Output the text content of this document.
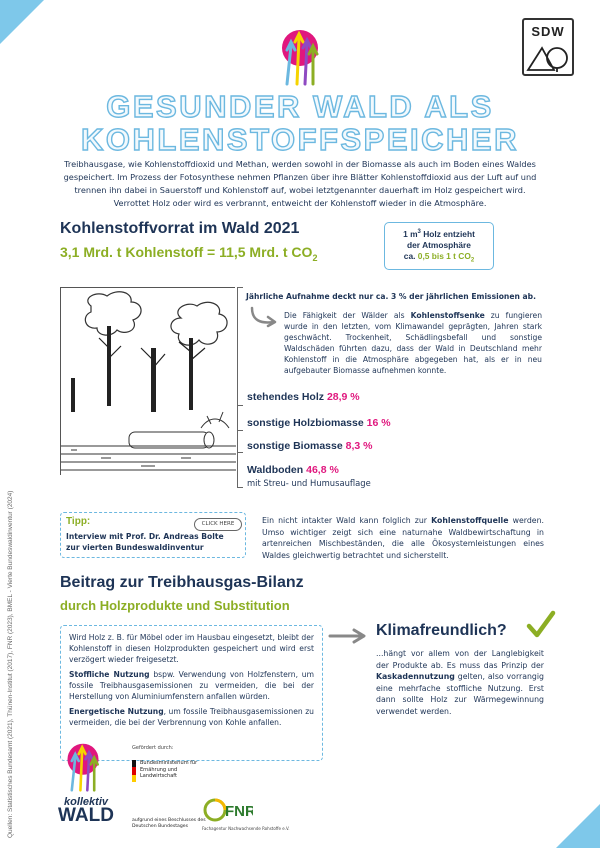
Quellen: Statistisches Bundesamt (2021), Thünen-Institut (2017), FNR (2023), BMEL - Vierte Bundeswaldinventur (2024)
SDW
GESUNDER WALD ALS
KOHLENSTOFFSPEICHER
Treibhausgase, wie Kohlenstoffdioxid und Methan, werden sowohl in der Biomasse als auch im Boden eines Waldes gespeichert. Im Prozess der Fotosynthese nehmen Pflanzen über ihre Blätter Kohlenstoffdioxid aus der Luft auf und trennen ihn dabei in Sauerstoff und Kohlenstoff auf, wobei letztgenannter dauerhaft im Holz gespeichert wird. Verrottet Holz oder wird es verbrannt, entweicht der Kohlenstoff wieder in die Atmosphäre.
Kohlenstoffvorrat im Wald 2021
3,1 Mrd. t Kohlenstoff = 11,5 Mrd. t $CO_2$
1 $m^3$ Holz entzieht
der Atmosphäre
ca. 0,5 bis 1 t $CO_2$
Jährliche Aufnahme deckt nur ca. 3 % der jährlichen Emissionen ab.
Die Fähigkeit der Wälder als Kohlenstoffsenke zu fungieren wurde in den letzten, vom Klimawandel geprägten, Jahren stark geschwächt. Trockenheit, Schädlingsbefall und sonstige Waldschäden führten dazu, dass der Wald in Deutschland mehr Kohlenstoff in die Atmosphäre abgegeben hat, als er in neu aufgebauter Biomasse aufnehmen konnte.
stehendes Holz 28,9 %
sonstige Holzbiomasse 16 %
sonstige Biomasse 8,3 %
Waldboden 46,8 %
mit Streu- und Humusauflage
Tipp:	CLICK HERE
Interview mit Prof. Dr. Andreas Bolte zur vierten Bundeswaldinventur
Ein nicht intakter Wald kann folglich zur Kohlenstoffquelle werden. Umso wichtiger zeigt sich eine naturnahe Waldbewirtschaftung in artenreichen Mischbeständen, die alle Ökosystemleistungen eines Waldes gleichwertig betrachtet und sicherstellt.
Beitrag zur Treibhausgas-Bilanz
durch Holzprodukte und Substitution

Wird Holz z. B. für Möbel oder im Hausbau eingesetzt, bleibt der Kohlenstoff in diesen Holzprodukten gespeichert und wird erst verzögert wieder freigesetzt.

Stoffliche Nutzung bspw. Verwendung von Holzfenstern, um fossile Treibhausgasemissionen zu vermeiden, die bei der Herstellung von Aluminiumfenstern anfallen würden.

Energetische Nutzung, um fossile Treibhausgasemissionen zu vermeiden, die bei der Verbrennung von Kohle anfallen.

Klimafreundlich?
...hängt vor allem von der Langlebigkeit der Produkte ab. Es muss das Prinzip der Kaskadennutzung gelten, also vorrangig eine mehrfache stoffliche Nutzung. Erst dann sollte Holz zur Wärmegewinnung verwendet werden.
kollektiv
WALD
Gefördert durch:
Bundesministerium für Ernährung und Landwirtschaft
aufgrund eines Beschlusses des Deutschen Bundestages
FNR
Fachagentur Nachwachsende Rohstoffe e.V.
